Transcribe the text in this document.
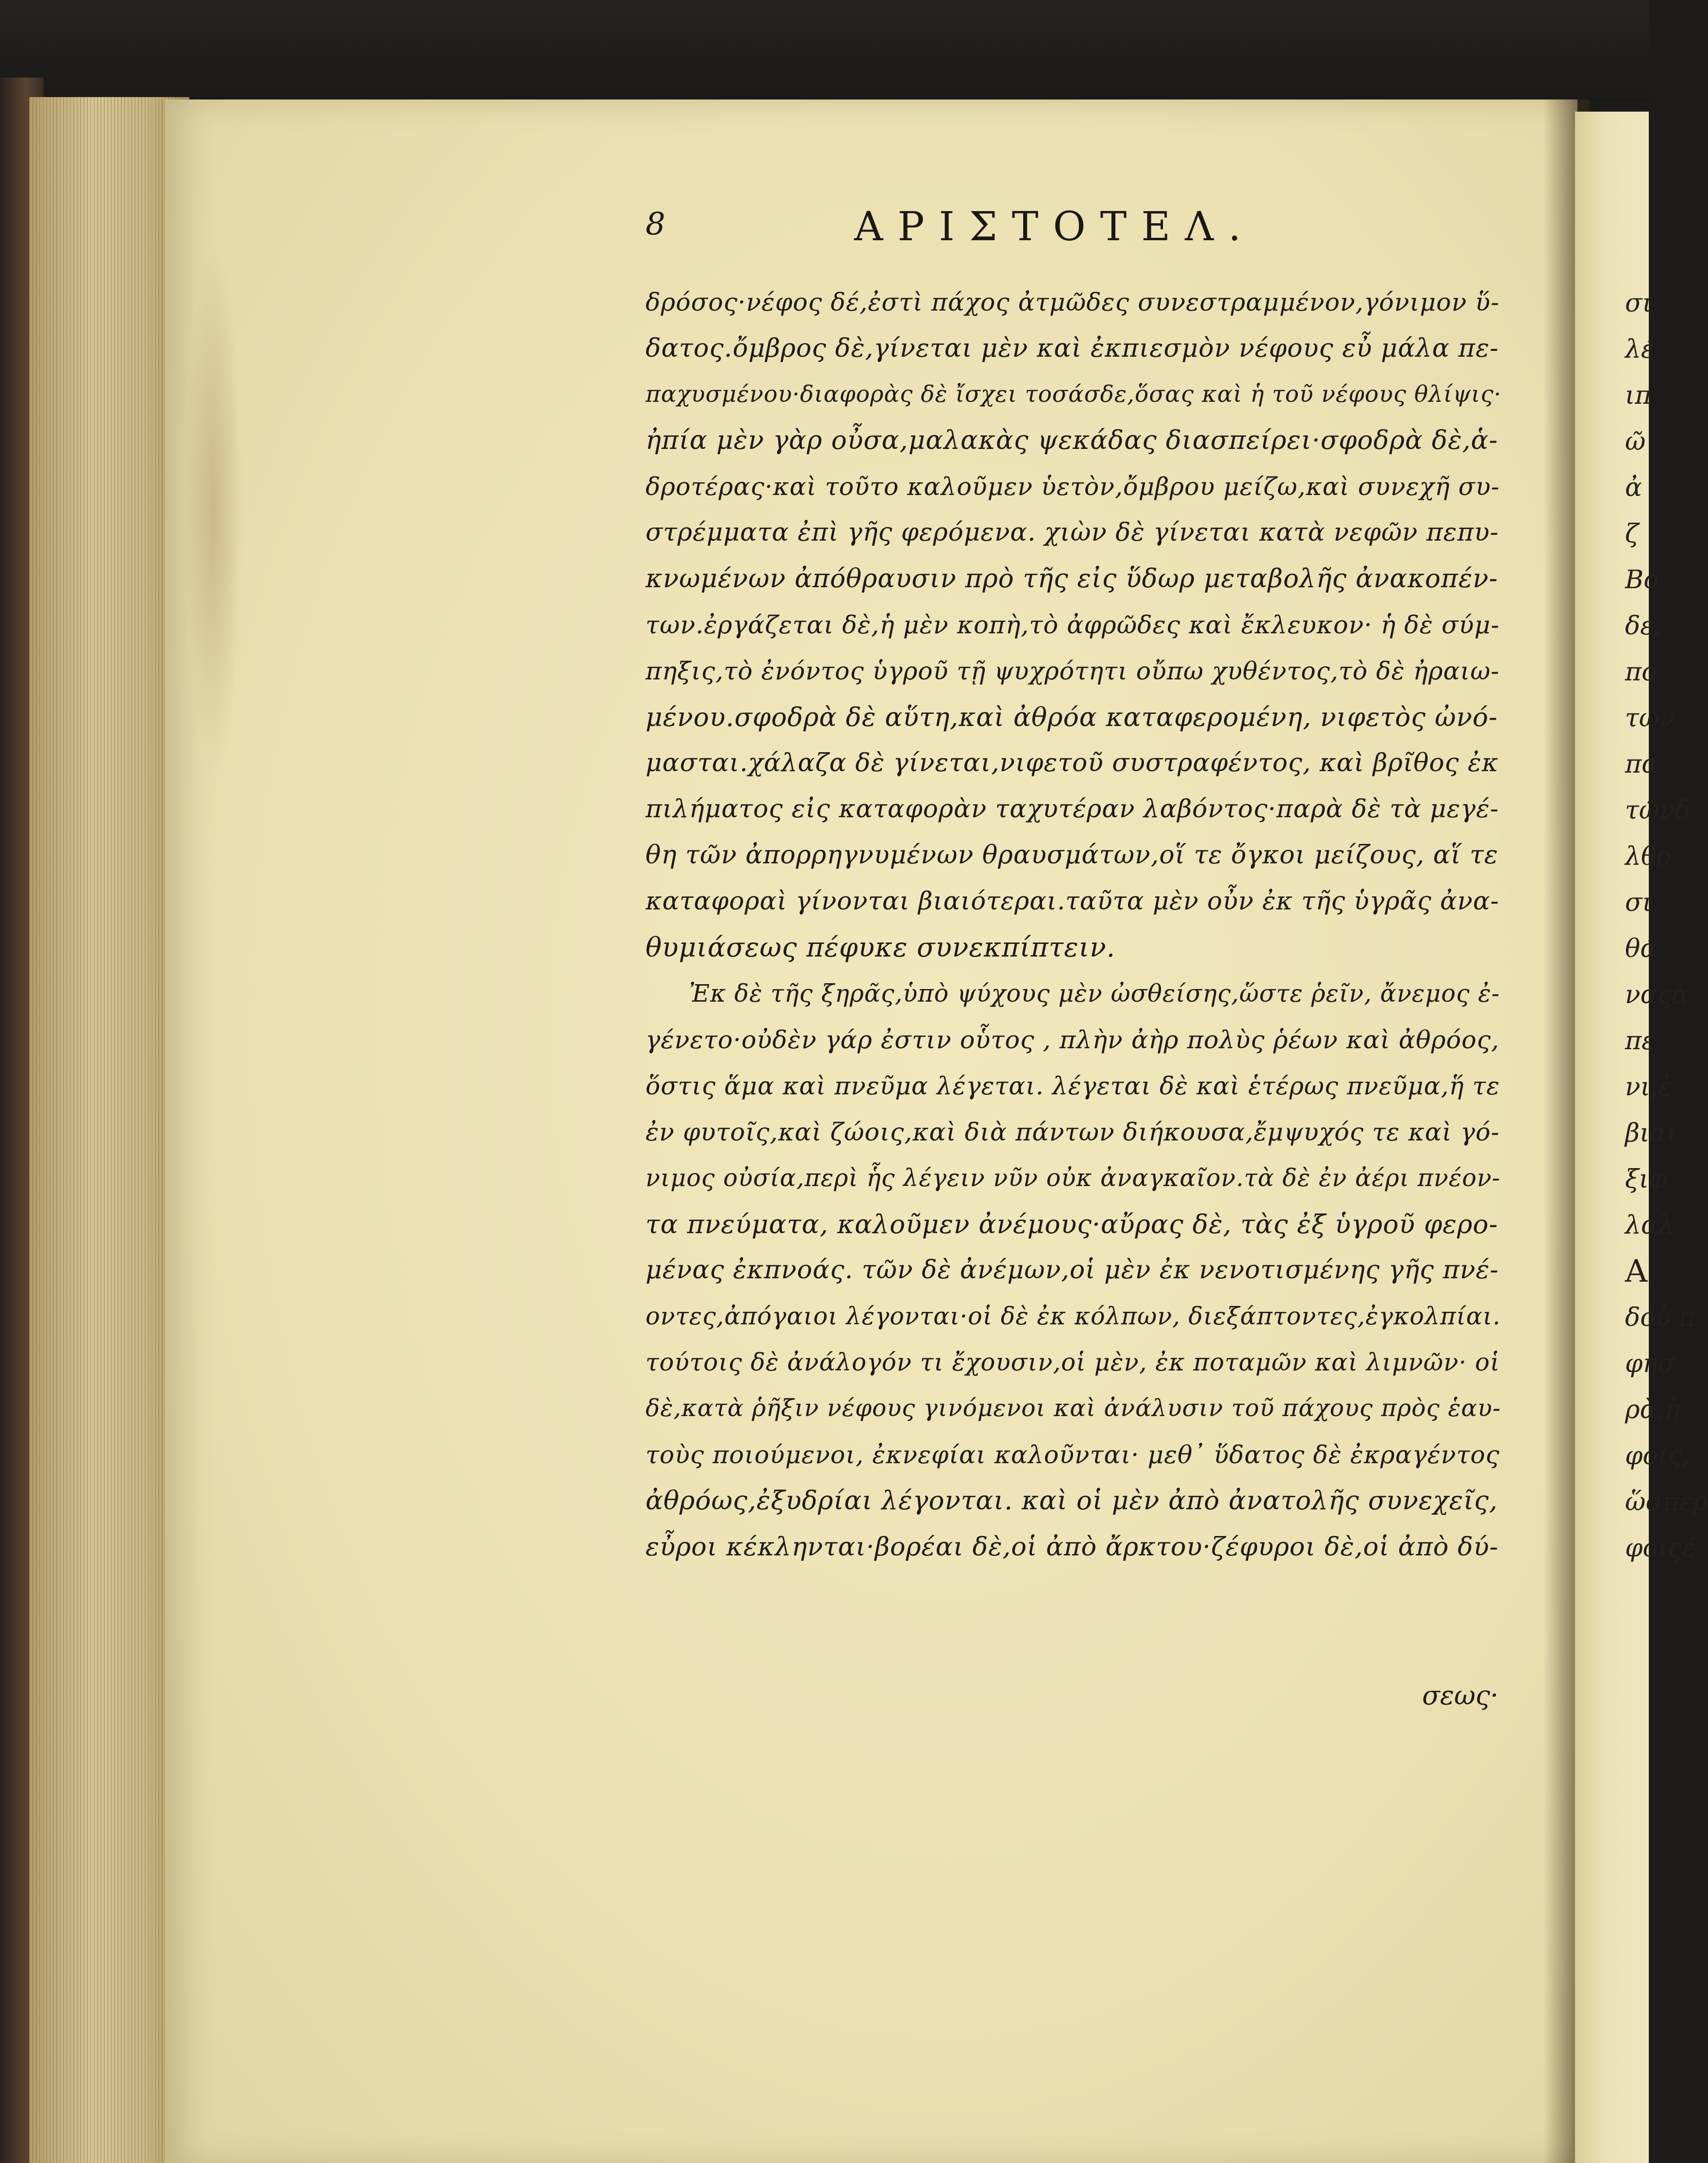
8	ΑΡΙΣΤΟΤΕΛ.
δρόσος·νέφος δέ,ἐστὶ πάχος ἀτμῶδες συνεστραμμένον,γόνιμον ὕ-
δατος.ὄμβρος δὲ,γίνεται μὲν καὶ ἐκπιεσμὸν νέφους εὖ μάλα πε-
παχυσμένου·διαφορὰς δὲ ἴσχει τοσάσδε,ὅσας καὶ ἡ τοῦ νέφους θλίψις·
ἠπία μὲν γὰρ οὖσα,μαλακὰς ψεκάδας διασπείρει·σφοδρὰ δὲ,ἁ-
δροτέρας·καὶ τοῦτο καλοῦμεν ὑετὸν,ὄμβρου μείζω,καὶ συνεχῆ συ-
στρέμματα ἐπὶ γῆς φερόμενα. χιὼν δὲ γίνεται κατὰ νεφῶν πεπυ-
κνωμένων ἀπόθραυσιν πρὸ τῆς εἰς ὕδωρ μεταβολῆς ἀνακοπέν-
των.ἐργάζεται δὲ,ἡ μὲν κοπὴ,τὸ ἀφρῶδες καὶ ἔκλευκον· ἡ δὲ σύμ-
πηξις,τὸ ἐνόντος ὑγροῦ τῇ ψυχρότητι οὔπω χυθέντος,τὸ δὲ ἠραιω-
μένου.σφοδρὰ δὲ αὕτη,καὶ ἀθρόα καταφερομένη, νιφετὸς ὠνό-
μασται.χάλαζα δὲ γίνεται,νιφετοῦ συστραφέντος, καὶ βρῖθος ἐκ
πιλήματος εἰς καταφορὰν ταχυτέραν λαβόντος·παρὰ δὲ τὰ μεγέ-
θη τῶν ἀπορρηγνυμένων θραυσμάτων,οἵ τε ὄγκοι μείζους, αἵ τε
καταφοραὶ γίνονται βιαιότεραι.ταῦτα μὲν οὖν ἐκ τῆς ὑγρᾶς ἀνα-
θυμιάσεως πέφυκε συνεκπίπτειν.
Ἐκ δὲ τῆς ξηρᾶς,ὑπὸ ψύχους μὲν ὠσθείσης,ὥστε ῥεῖν, ἄνεμος ἐ-
γένετο·οὐδὲν γάρ ἐστιν οὗτος , πλὴν ἀὴρ πολὺς ῥέων καὶ ἀθρόος,
ὅστις ἅμα καὶ πνεῦμα λέγεται. λέγεται δὲ καὶ ἑτέρως πνεῦμα,ἥ τε
ἐν φυτοῖς,καὶ ζώοις,καὶ διὰ πάντων διήκουσα,ἔμψυχός τε καὶ γό-
νιμος οὐσία,περὶ ἧς λέγειν νῦν οὐκ ἀναγκαῖον.τὰ δὲ ἐν ἀέρι πνέον-
τα πνεύματα, καλοῦμεν ἀνέμους·αὔρας δὲ, τὰς ἐξ ὑγροῦ φερο-
μένας ἐκπνοάς. τῶν δὲ ἀνέμων,οἱ μὲν ἐκ νενοτισμένης γῆς πνέ-
οντες,ἀπόγαιοι λέγονται·οἱ δὲ ἐκ κόλπων, διεξάπτοντες,ἐγκολπίαι.
τούτοις δὲ ἀνάλογόν τι ἔχουσιν,οἱ μὲν, ἐκ ποταμῶν καὶ λιμνῶν· οἱ
δὲ,κατὰ ῥῆξιν νέφους γινόμενοι καὶ ἀνάλυσιν τοῦ πάχους πρὸς ἑαυ-
τοὺς ποιούμενοι, ἐκνεφίαι καλοῦνται· μεθ᾽ ὕδατος δὲ ἐκραγέντος
ἀθρόως,ἐξυδρίαι λέγονται. καὶ οἱ μὲν ἀπὸ ἀνατολῆς συνεχεῖς,
εὖροι κέκληνται·βορέαι δὲ,οἱ ἀπὸ ἄρκτου·ζέφυροι δὲ,οἱ ἀπὸ δύ-
σεως·
σι
λέ
ιπ
ῶ
ἀ
ζ
Βο
δε,
πο
των
πα
τῶνδ
λθο
σι
θά
ναςὰ
πε
νι,ἐ
βιαι
ξιφ
λαλ
Α
δοὐ π
φησ
ρὰ,ἡ
φοις,
ὥσπερ
φοιςέ
